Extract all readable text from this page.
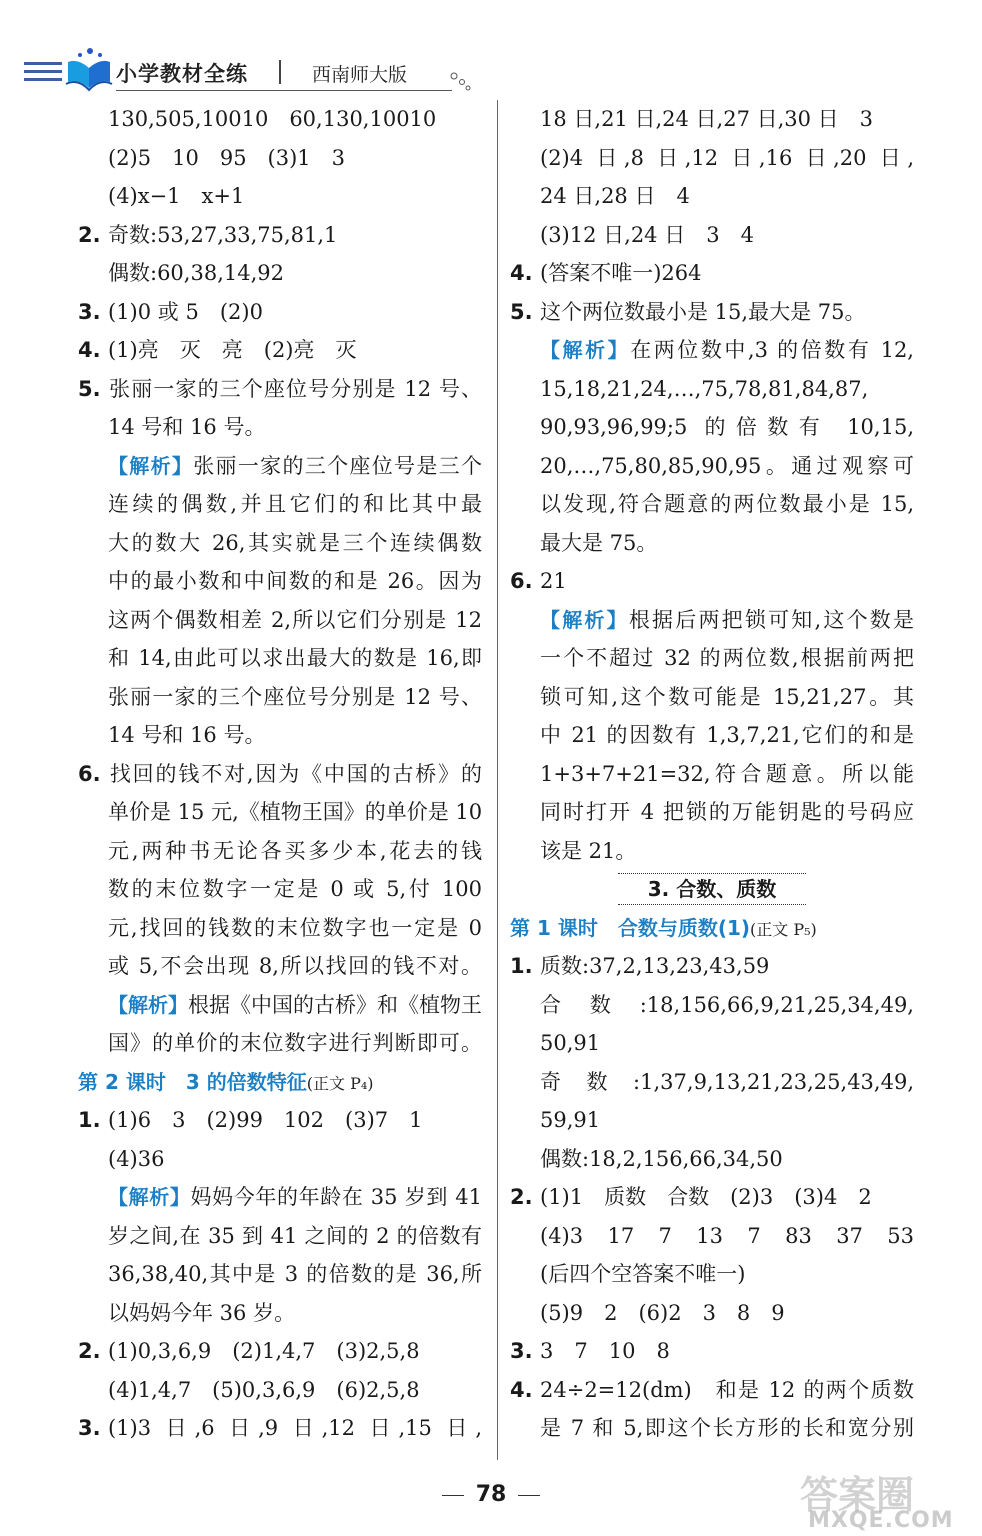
小学教材全练	西南师大版
130,505,10010　60,130,10010
(2)5　10　95　(3)1　3
(4)x−1　x+1
2. 奇数:53,27,33,75,81,1
偶数:60,38,14,92
3. (1)0 或 5　(2)0
4. (1)亮　灭　亮　(2)亮　灭
5. 张丽一家的三个座位号分别是 12 号、
14 号和 16 号。
【解析】张丽一家的三个座位号是三个
连续的偶数,并且它们的和比其中最
大的数大 26,其实就是三个连续偶数
中的最小数和中间数的和是 26。因为
这两个偶数相差 2,所以它们分别是 12
和 14,由此可以求出最大的数是 16,即
张丽一家的三个座位号分别是 12 号、
14 号和 16 号。
6. 找回的钱不对,因为《中国的古桥》的
单价是 15 元,《植物王国》的单价是 10
元,两种书无论各买多少本,花去的钱
数的末位数字一定是 0 或 5,付 100
元,找回的钱数的末位数字也一定是 0
或 5,不会出现 8,所以找回的钱不对。
【解析】根据《中国的古桥》和《植物王
国》的单价的末位数字进行判断即可。
第 2 课时　3 的倍数特征(正文 P₄)
1. (1)6　3　(2)99　102　(3)7　1
(4)36
【解析】妈妈今年的年龄在 35 岁到 41
岁之间,在 35 到 41 之间的 2 的倍数有
36,38,40,其中是 3 的倍数的是 36,所
以妈妈今年 36 岁。
2. (1)0,3,6,9　(2)1,4,7　(3)2,5,8
(4)1,4,7　(5)0,3,6,9　(6)2,5,8
3. (1)3 日,6 日,9 日,12 日,15 日,
18 日,21 日,24 日,27 日,30 日　3
(2)4 日,8 日,12 日,16 日,20 日,
24 日,28 日　4
(3)12 日,24 日　3　4
4. (答案不唯一)264
5. 这个两位数最小是 15,最大是 75。
【解析】在两位数中,3 的倍数有 12,
15,18,21,24,…,75,78,81,84,87,
90,93,96,99;5 的倍数有 10,15,
20,…,75,80,85,90,95。通过观察可
以发现,符合题意的两位数最小是 15,
最大是 75。
6. 21
【解析】根据后两把锁可知,这个数是
一个不超过 32 的两位数,根据前两把
锁可知,这个数可能是 15,21,27。其
中 21 的因数有 1,3,7,21,它们的和是
1+3+7+21=32,符合题意。所以能
同时打开 4 把锁的万能钥匙的号码应
该是 21。
3. 合数、质数
第 1 课时　合数与质数(1)(正文 P₅)
1. 质数:37,2,13,23,43,59
合数:18,156,66,9,21,25,34,49,
50,91
奇数:1,37,9,13,21,23,25,43,49,
59,91
偶数:18,2,156,66,34,50
2. (1)1　质数　合数　(2)3　(3)4　2
(4)3　17　7　13　7　83　37　53
(后四个空答案不唯一)
(5)9　2　(6)2　3　8　9
3. 3　7　10　8
4. 24÷2=12(dm)　和是 12 的两个质数
是 7 和 5,即这个长方形的长和宽分别
78	答案圈
MXQE.COM
